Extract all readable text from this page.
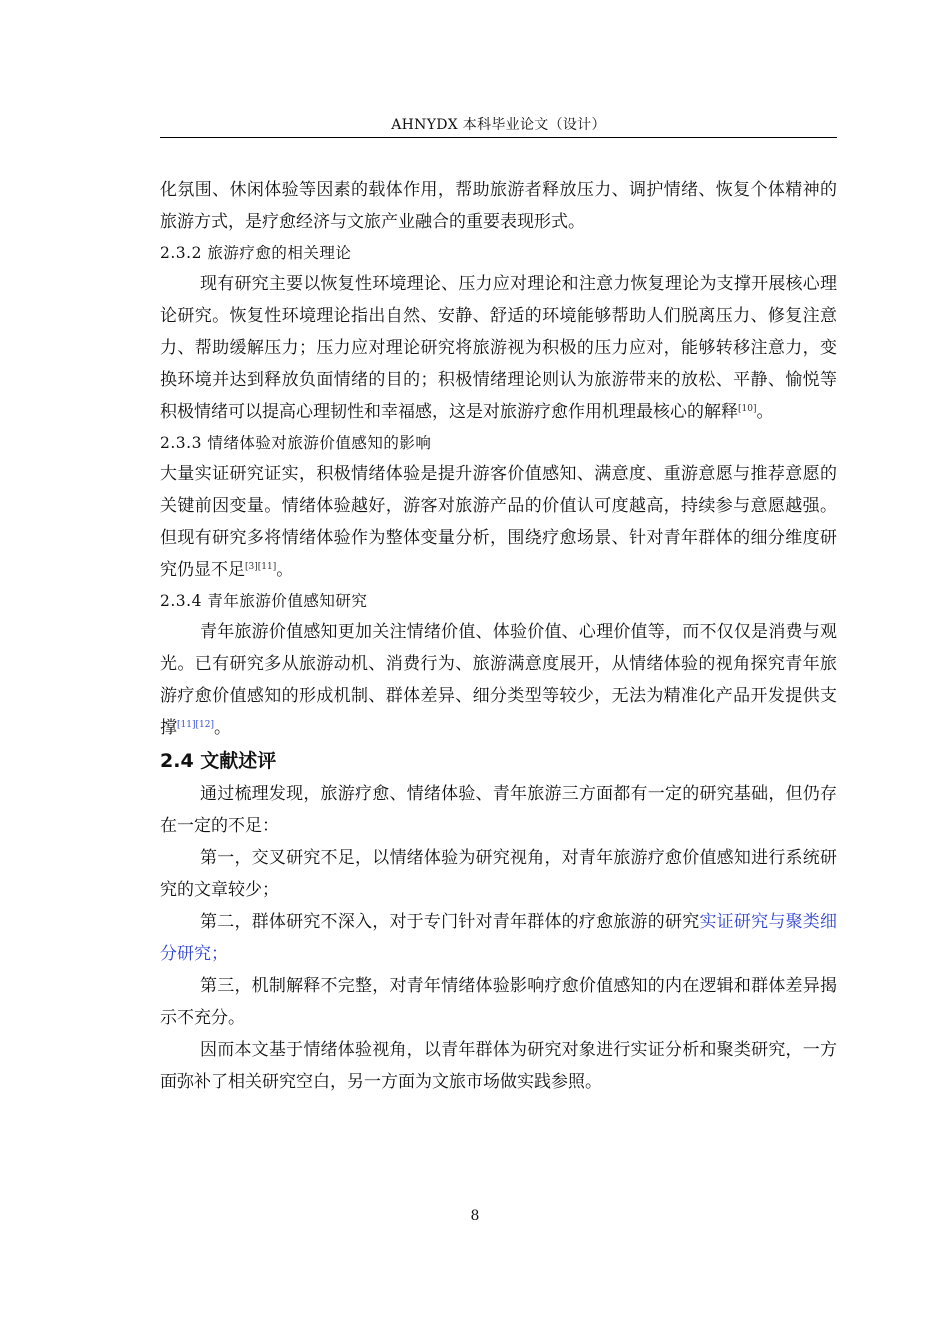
AHNYDX 本科毕业论文（设计）

化氛围、休闲体验等因素的载体作用，帮助旅游者释放压力、调护情绪、恢复个体精神的旅游方式，是疗愈经济与文旅产业融合的重要表现形式。

2.3.2 旅游疗愈的相关理论

现有研究主要以恢复性环境理论、压力应对理论和注意力恢复理论为支撑开展核心理论研究。恢复性环境理论指出自然、安静、舒适的环境能够帮助人们脱离压力、修复注意力、帮助缓解压力；压力应对理论研究将旅游视为积极的压力应对，能够转移注意力，变换环境并达到释放负面情绪的目的；积极情绪理论则认为旅游带来的放松、平静、愉悦等积极情绪可以提高心理韧性和幸福感，这是对旅游疗愈作用机理最核心的解释[10]。

2.3.3 情绪体验对旅游价值感知的影响

大量实证研究证实，积极情绪体验是提升游客价值感知、满意度、重游意愿与推荐意愿的关键前因变量。情绪体验越好，游客对旅游产品的价值认可度越高，持续参与意愿越强。但现有研究多将情绪体验作为整体变量分析，围绕疗愈场景、针对青年群体的细分维度研究仍显不足[3][11]。

2.3.4 青年旅游价值感知研究

青年旅游价值感知更加关注情绪价值、体验价值、心理价值等，而不仅仅是消费与观光。已有研究多从旅游动机、消费行为、旅游满意度展开，从情绪体验的视角探究青年旅游疗愈价值感知的形成机制、群体差异、细分类型等较少，无法为精准化产品开发提供支撑[11][12]。

2.4 文献述评

通过梳理发现，旅游疗愈、情绪体验、青年旅游三方面都有一定的研究基础，但仍存在一定的不足：

第一，交叉研究不足，以情绪体验为研究视角，对青年旅游疗愈价值感知进行系统研究的文章较少；

第二，群体研究不深入，对于专门针对青年群体的疗愈旅游的研究实证研究与聚类细分研究；

第三，机制解释不完整，对青年情绪体验影响疗愈价值感知的内在逻辑和群体差异揭示不充分。

因而本文基于情绪体验视角，以青年群体为研究对象进行实证分析和聚类研究，一方面弥补了相关研究空白，另一方面为文旅市场做实践参照。

8
